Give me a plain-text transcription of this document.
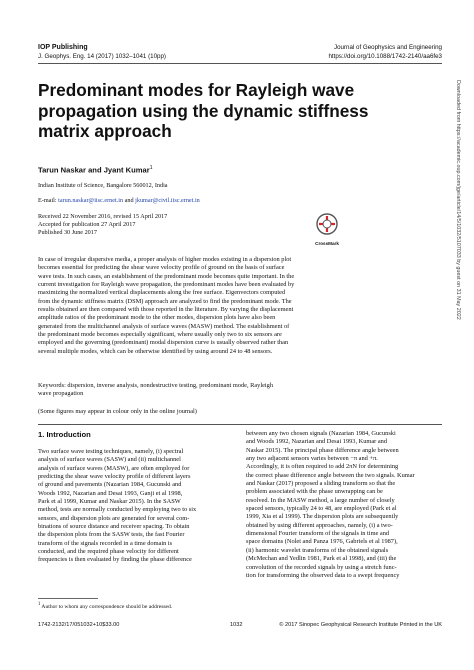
IOP Publishing
J. Geophys. Eng. 14 (2017) 1032–1041 (10pp)
Journal of Geophysics and Engineering
https://doi.org/10.1088/1742-2140/aa6fe3
Predominant modes for Rayleigh wave
propagation using the dynamic stiffness
matrix approach
Tarun Naskar and Jyant Kumar$^1$
Indian Institute of Science, Bangalore 560012, India
E-mail: tarun.naskar@iisc.ernet.in and jkumar@civil.iisc.ernet.in
Received 22 November 2016, revised 15 April 2017
Accepted for publication 27 April 2017
Published 30 June 2017
CrossMark
In case of irregular dispersive media, a proper analysis of higher modes existing in a dispersion plot
becomes essential for predicting the shear wave velocity profile of ground on the basis of surface
wave tests. In such cases, an establishment of the predominant mode becomes quite important. In the
current investigation for Rayleigh wave propagation, the predominant modes have been evaluated by
maximizing the normalized vertical displacements along the free surface. Eigenvectors computed
from the dynamic stiffness matrix (DSM) approach are analyzed to find the predominant mode. The
results obtained are then compared with those reported in the literature. By varying the displacement
amplitude ratios of the predominant mode to the other modes, dispersion plots have also been
generated from the multichannel analysis of surface waves (MASW) method. The establishment of
the predominant mode becomes especially significant, where usually only two to six sensors are
employed and the governing (predominant) modal dispersion curve is usually observed rather than
several multiple modes, which can be otherwise identified by using around 24 to 48 sensors.
Keywords: dispersion, inverse analysis, nondestructive testing, predominant mode, Rayleigh
wave propagation
(Some figures may appear in colour only in the online journal)
1. Introduction
Two surface wave testing techniques, namely, (i) spectral
analysis of surface waves (SASW) and (ii) multichannel
analysis of surface waves (MASW), are often employed for
predicting the shear wave velocity profile of different layers
of ground and pavements (Nazarian 1984, Gucunski and
Woods 1992, Nazarian and Desai 1993, Ganji et al 1998,
Park et al 1999, Kumar and Naskar 2015). In the SASW
method, tests are normally conducted by employing two to six
sensors, and dispersion plots are generated for several com-
binations of source distance and receiver spacing. To obtain
the dispersion plots from the SASW tests, the fast Fourier
transform of the signals recorded in a time domain is
conducted, and the required phase velocity for different
frequencies is then evaluated by finding the phase difference
$^1$ Author to whom any correspondence should be addressed.
between any two chosen signals (Nazarian 1984, Gucunski
and Woods 1992, Nazarian and Desai 1993, Kumar and
Naskar 2015). The principal phase difference angle between
any two adjacent sensors varies between −π and +π.
Accordingly, it is often required to add 2πN for determining
the correct phase difference angle between the two signals. Kumar
and Naskar (2017) proposed a sliding transform so that the
problem associated with the phase unwrapping can be
resolved. In the MASW method, a large number of closely
spaced sensors, typically 24 to 48, are employed (Park et al
1999, Xia et al 1999). The dispersion plots are subsequently
obtained by using different approaches, namely, (i) a two-
dimensional Fourier transform of the signals in time and
space domains (Nolet and Panza 1976, Gabriels et al 1987),
(ii) harmonic wavelet transforms of the obtained signals
(McMechan and Yedlin 1981, Park et al 1998), and (iii) the
convolution of the recorded signals by using a stretch func-
tion for transforming the observed data to a swept frequency
1742-2132/17/051032+10$33.00	1032	© 2017 Sinopec Geophysical Research Institute Printed in the UK
Downloaded from https://academic.oup.com/jge/article/14/5/1032/5107033 by guest on 31 May 2022
